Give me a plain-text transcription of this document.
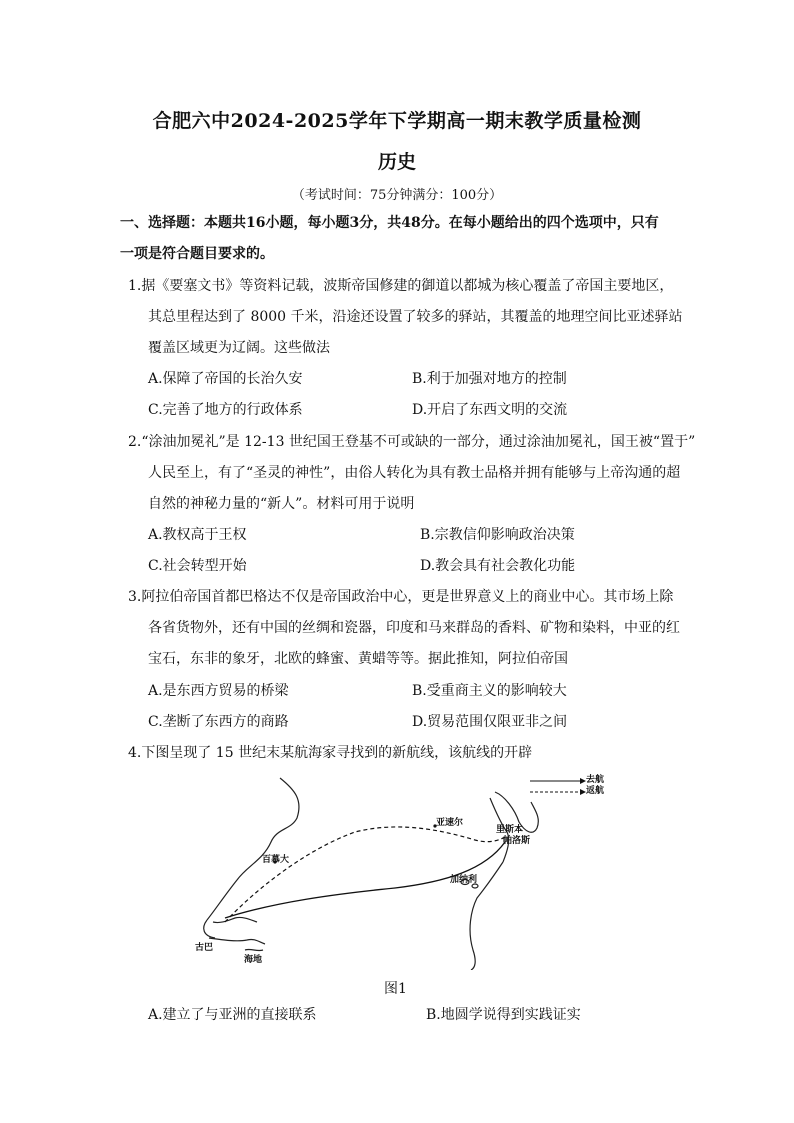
合肥六中2024-2025学年下学期高一期末教学质量检测
历史
（考试时间：75分钟满分：100分）
一、选择题：本题共16小题，每小题3分，共48分。在每小题给出的四个选项中，只有
一项是符合题目要求的。
1.据《要塞文书》等资料记载，波斯帝国修建的御道以都城为核心覆盖了帝国主要地区，
其总里程达到了 8000 千米，沿途还设置了较多的驿站，其覆盖的地理空间比亚述驿站
覆盖区域更为辽阔。这些做法
A.保障了帝国的长治久安	B.利于加强对地方的控制
C.完善了地方的行政体系	D.开启了东西文明的交流
2.“涂油加冕礼”是 12-13 世纪国王登基不可或缺的一部分，通过涂油加冕礼，国王被“置于”
人民至上，有了“圣灵的神性”，由俗人转化为具有教士品格并拥有能够与上帝沟通的超
自然的神秘力量的“新人”。材料可用于说明
A.教权高于王权	B.宗教信仰影响政治决策
C.社会转型开始	D.教会具有社会教化功能
3.阿拉伯帝国首都巴格达不仅是帝国政治中心，更是世界意义上的商业中心。其市场上除
各省货物外，还有中国的丝绸和瓷器，印度和马来群岛的香料、矿物和染料，中亚的红
宝石，东非的象牙，北欧的蜂蜜、黄蜡等等。据此推知，阿拉伯帝国
A.是东西方贸易的桥梁	B.受重商主义的影响较大
C.垄断了东西方的商路	D.贸易范围仅限亚非之间
4.下图呈现了 15 世纪末某航海家寻找到的新航线，该航线的开辟
去航
返航
亚速尔
里斯本
帕洛斯
百慕大
加纳利
古巴
海地
图1
A.建立了与亚洲的直接联系	B.地圆学说得到实践证实
